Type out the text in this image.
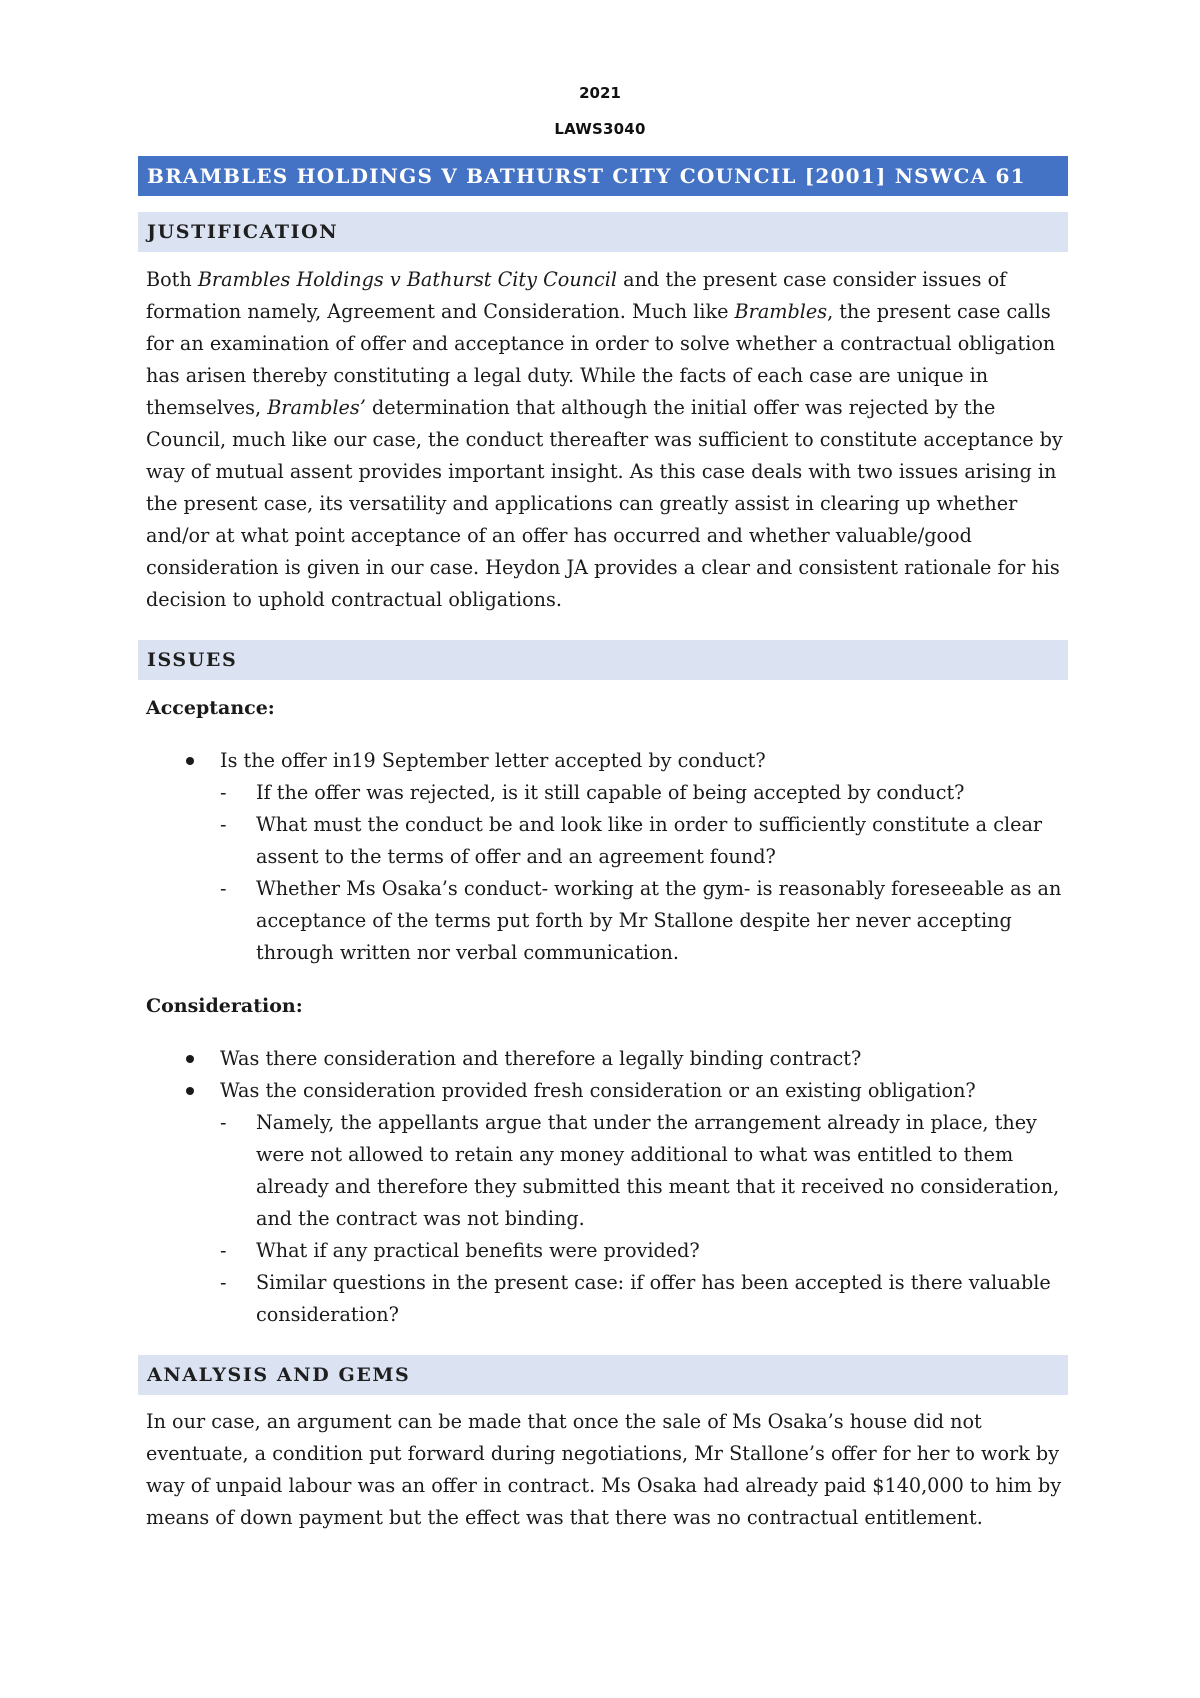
2021
LAWS3040
BRAMBLES HOLDINGS V BATHURST CITY COUNCIL [2001] NSWCA 61
JUSTIFICATION

Both Brambles Holdings v Bathurst City Council and the present case consider issues of formation namely, Agreement and Consideration. Much like Brambles, the present case calls for an examination of offer and acceptance in order to solve whether a contractual obligation has arisen thereby constituting a legal duty. While the facts of each case are unique in themselves, Brambles’ determination that although the initial offer was rejected by the Council, much like our case, the conduct thereafter was sufficient to constitute acceptance by way of mutual assent provides important insight. As this case deals with two issues arising in the present case, its versatility and applications can greatly assist in clearing up whether and/or at what point acceptance of an offer has occurred and whether valuable/good consideration is given in our case. Heydon JA provides a clear and consistent rationale for his decision to uphold contractual obligations.

ISSUES
Acceptance:
Is the offer in19 September letter accepted by conduct?
- If the offer was rejected, is it still capable of being accepted by conduct?
- What must the conduct be and look like in order to sufficiently constitute a clear assent to the terms of offer and an agreement found?
- Whether Ms Osaka’s conduct- working at the gym- is reasonably foreseeable as an acceptance of the terms put forth by Mr Stallone despite her never accepting through written nor verbal communication.
Consideration:
Was there consideration and therefore a legally binding contract?
Was the consideration provided fresh consideration or an existing obligation?
- Namely, the appellants argue that under the arrangement already in place, they were not allowed to retain any money additional to what was entitled to them already and therefore they submitted this meant that it received no consideration, and the contract was not binding.
- What if any practical benefits were provided?
- Similar questions in the present case: if offer has been accepted is there valuable consideration?
ANALYSIS AND GEMS

In our case, an argument can be made that once the sale of Ms Osaka’s house did not eventuate, a condition put forward during negotiations, Mr Stallone’s offer for her to work by way of unpaid labour was an offer in contract. Ms Osaka had already paid $140,000 to him by means of down payment but the effect was that there was no contractual entitlement.
